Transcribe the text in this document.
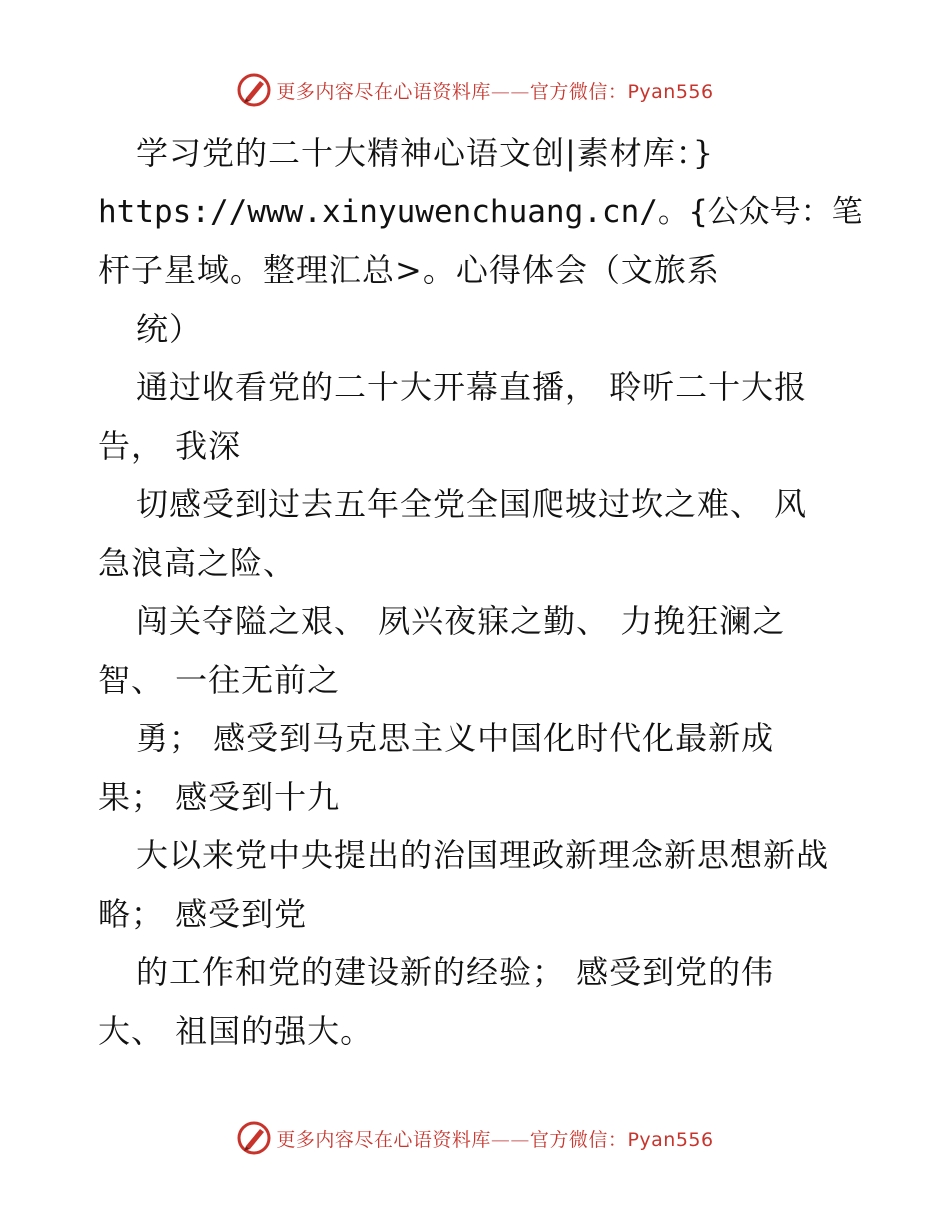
更多内容尽在心语资料库——官方微信：Pyan556
学习党的二十大精神心语文创|素材库：}
https://www.xinyuwenchuang.cn/。{公众号：笔
杆子星域。整理汇总>。心得体会（文旅系
统）
通过收看党的二十大开幕直播， 聆听二十大报
告， 我深
切感受到过去五年全党全国爬坡过坎之难、 风
急浪高之险、
闯关夺隘之艰、 夙兴夜寐之勤、 力挽狂澜之
智、 一往无前之
勇； 感受到马克思主义中国化时代化最新成
果； 感受到十九
大以来党中央提出的治国理政新理念新思想新战
略； 感受到党
的工作和党的建设新的经验； 感受到党的伟
大、 祖国的强大。
更多内容尽在心语资料库——官方微信：Pyan556
